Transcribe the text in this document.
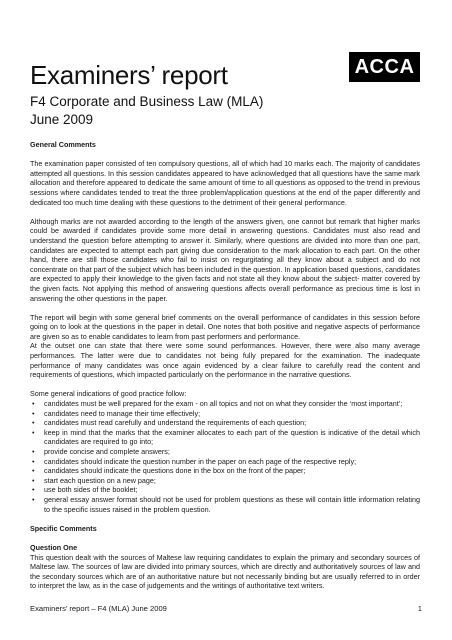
Examiners’ report
F4 Corporate and Business Law (MLA)
June 2009
ACCA
General Comments

The examination paper consisted of ten compulsory questions, all of which had 10 marks each. The majority of candidates attempted all questions. In this session candidates appeared to have acknowledged that all questions have the same mark allocation and therefore appeared to dedicate the same amount of time to all questions as opposed to the trend in previous sessions where candidates tended to treat the three problem/application questions at the end of the paper differently and dedicated too much time dealing with these questions to the detriment of their general performance.

Although marks are not awarded according to the length of the answers given, one cannot but remark that higher marks could be awarded if candidates provide some more detail in answering questions. Candidates must also read and understand the question before attempting to answer it. Similarly, where questions are divided into more than one part, candidates are expected to attempt each part giving due consideration to the mark allocation to each part. On the other hand, there are still those candidates who fail to insist on regurgitating all they know about a subject and do not concentrate on that part of the subject which has been included in the question. In application based questions, candidates are expected to apply their knowledge to the given facts and not state all they know about the subject- matter covered by the given facts. Not applying this method of answering questions affects overall performance as precious time is lost in answering the other questions in the paper.

The report will begin with some general brief comments on the overall performance of candidates in this session before going on to look at the questions in the paper in detail. One notes that both positive and negative aspects of performance are given so as to enable candidates to learn from past performers and performance.

At the outset one can state that there were some sound performances. However, there were also many average performances. The latter were due to candidates not being fully prepared for the examination. The inadequate performance of many candidates was once again evidenced by a clear failure to carefully read the content and requirements of questions, which impacted particularly on the performance in the narrative questions.

Some general indications of good practice follow:

• candidates must be well prepared for the exam - on all topics and not on what they consider the ‘most important’;
• candidates need to manage their time effectively;
• candidates must read carefully and understand the requirements of each question;
• keep in mind that the marks that the examiner allocates to each part of the question is indicative of the detail which candidates are required to go into;
• provide concise and complete answers;
• candidates should indicate the question number in the paper on each page of the respective reply;
• candidates should indicate the questions done in the box on the front of the paper;
• start each question on a new page;
• use both sides of the booklet;
• general essay answer format should not be used for problem questions as these will contain little information relating to the specific issues raised in the problem question.
Specific Comments
Question One

This question dealt with the sources of Maltese law requiring candidates to explain the primary and secondary sources of Maltese law. The sources of law are divided into primary sources, which are directly and authoritatively sources of law and the secondary sources which are of an authoritative nature but not necessarily binding but are usually referred to in order to interpret the law, as in the case of judgements and the writings of authoritative text writers.

Examiners’ report – F4 (MLA) June 2009	1
